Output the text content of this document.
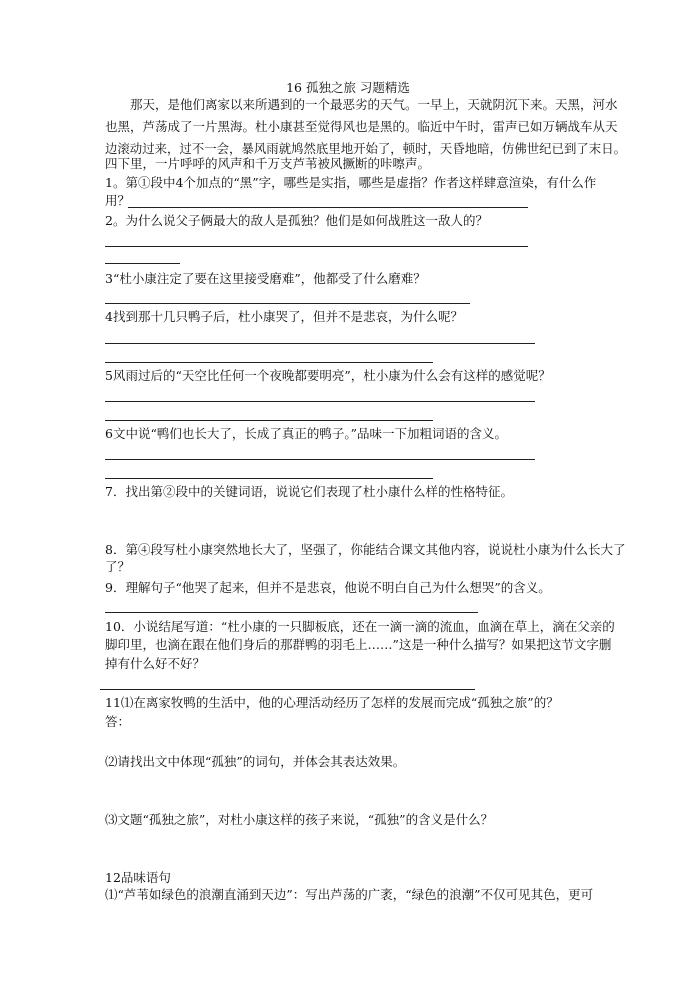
16 孤独之旅 习题精选
　　那天，是他们离家以来所遇到的一个最恶劣的天气。一早上，天就阴沉下来。天黑，河水
也黑，芦荡成了一片黑海。杜小康甚至觉得风也是黑的。临近中午时，雷声已如万辆战车从天
边滚动过来，过不一会，暴风雨就鸠然底里地开始了，顿时，天昏地暗，仿佛世纪已到了末日。
四下里，一片呼呼的风声和千万支芦苇被风撅断的咔嚓声。
1。第①段中4个加点的“黑”字，哪些是实指，哪些是虚指？作者这样肆意渲染，有什么作
用？
2。为什么说父子俩最大的敌人是孤独？他们是如何战胜这一敌人的？
3“杜小康注定了要在这里接受磨难”，他都受了什么磨难？
4找到那十几只鸭子后，杜小康哭了，但并不是悲哀，为什么呢？
5风雨过后的“天空比任何一个夜晚都要明亮”，杜小康为什么会有这样的感觉呢？
6文中说“鸭们也长大了，长成了真正的鸭子。”品味一下加粗词语的含义。
7．找出第②段中的关键词语，说说它们表现了杜小康什么样的性格特征。
8．第④段写杜小康突然地长大了，坚强了，你能结合课文其他内容，说说杜小康为什么长大了
了？
9．理解句子“他哭了起来，但并不是悲哀，他说不明白自己为什么想哭”的含义。
10．小说结尾写道：“杜小康的一只脚板底，还在一滴一滴的流血，血滴在草上，滴在父亲的
脚印里，也滴在跟在他们身后的那群鸭的羽毛上……”这是一种什么描写？如果把这节文字删
掉有什么好不好？
11⑴在离家牧鸭的生活中，他的心理活动经历了怎样的发展而完成“孤独之旅”的？
答：
⑵请找出文中体现“孤独”的词句，并体会其表达效果。
⑶文题“孤独之旅”，对杜小康这样的孩子来说，“孤独”的含义是什么？
12品味语句
⑴“芦苇如绿色的浪潮直涌到天边”：写出芦荡的广袤，“绿色的浪潮”不仅可见其色，更可
